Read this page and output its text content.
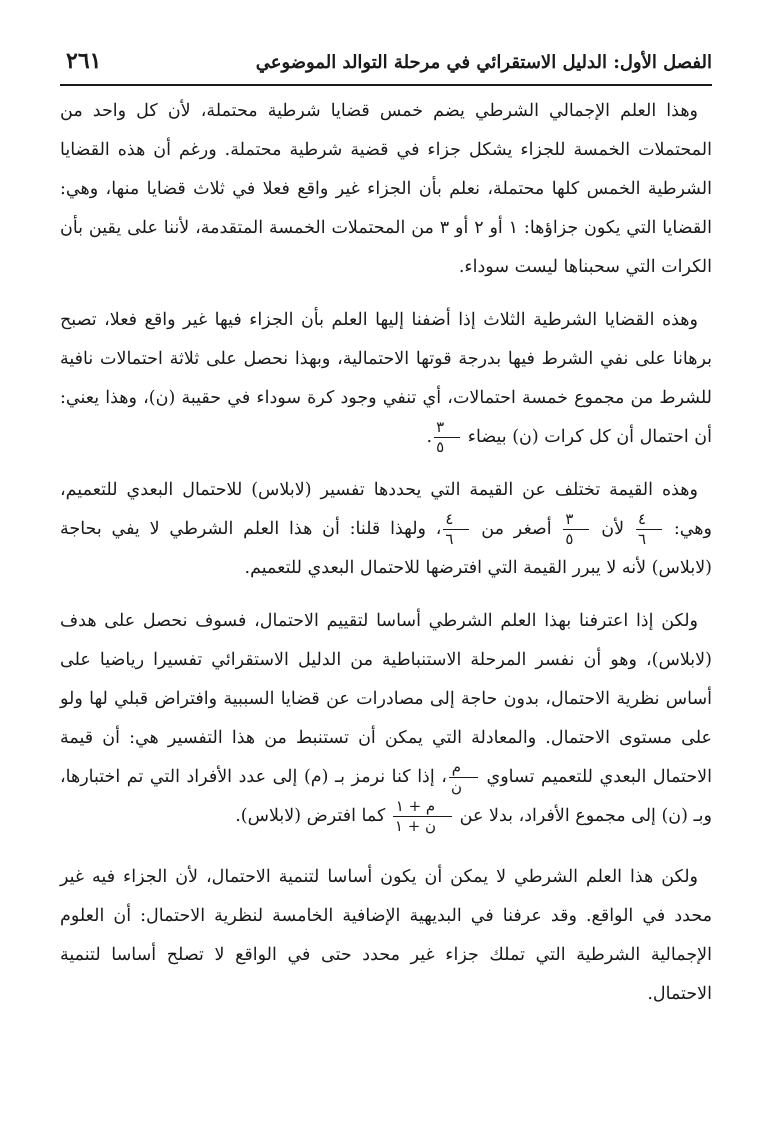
الفصل الأول: الدليل الاستقرائي في مرحلة التوالد الموضوعي
٢٦١

وهذا العلم الإجمالي الشرطي يضم خمس قضايا شرطية محتملة، لأن كل واحد من المحتملات الخمسة للجزاء يشكل جزاء في قضية شرطية محتملة. ورغم أن هذه القضايا الشرطية الخمس كلها محتملة، نعلم بأن الجزاء غير واقع فعلا في ثلاث قضايا منها، وهي: القضايا التي يكون جزاؤها: ١ أو ٢ أو ٣ من المحتملات الخمسة المتقدمة، لأننا على يقين بأن الكرات التي سحبناها ليست سوداء.

وهذه القضايا الشرطية الثلاث إذا أضفنا إليها العلم بأن الجزاء فيها غير واقع فعلا، تصبح برهانا على نفي الشرط فيها بدرجة قوتها الاحتمالية، وبهذا نحصل على ثلاثة احتمالات نافية للشرط من مجموع خمسة احتمالات، أي تنفي وجود كرة سوداء في حقيبة (ن)، وهذا يعني: أن احتمال أن كل كرات (ن) بيضاء
$\frac{٣}{٥}$
.

وهذه القيمة تختلف عن القيمة التي يحددها تفسير (لابلاس) للاحتمال البعدي للتعميم، وهي:
$\frac{٤}{٦}$
لأن
$\frac{٣}{٥}$
أصغر من
$\frac{٤}{٦}$
، ولهذا قلنا: أن هذا العلم الشرطي لا يفي بحاجة (لابلاس) لأنه لا يبرر القيمة التي افترضها للاحتمال البعدي للتعميم.

ولكن إذا اعترفنا بهذا العلم الشرطي أساسا لتقييم الاحتمال، فسوف نحصل على هدف (لابلاس)، وهو أن نفسر المرحلة الاستنباطية من الدليل الاستقرائي تفسيرا رياضيا على أساس نظرية الاحتمال، بدون حاجة إلى مصادرات عن قضايا السببية وافتراض قبلي لها ولو على مستوى الاحتمال. والمعادلة التي يمكن أن تستنبط من هذا التفسير هي: أن قيمة الاحتمال البعدي للتعميم تساوي
$\frac{\text{م}}{\text{ن}}$
، إذا كنا نرمز بـ (م) إلى عدد الأفراد التي تم اختبارها، وبـ (ن) إلى مجموع الأفراد، بدلا عن
$\frac{\text{م + ١}}{\text{ن + ١}}$
كما افترض (لابلاس).

ولكن هذا العلم الشرطي لا يمكن أن يكون أساسا لتنمية الاحتمال، لأن الجزاء فيه غير محدد في الواقع. وقد عرفنا في البديهية الإضافية الخامسة لنظرية الاحتمال: أن العلوم الإجمالية الشرطية التي تملك جزاء غير محدد حتى في الواقع لا تصلح أساسا لتنمية الاحتمال.
